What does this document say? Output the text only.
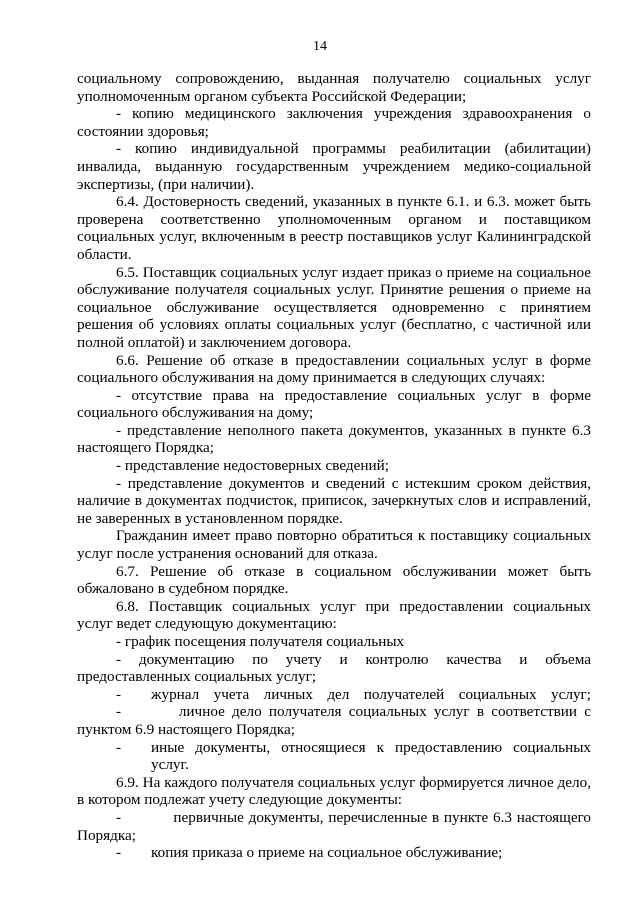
14

социальному сопровождению, выданная получателю социальных услуг уполномоченным органом субъекта Российской Федерации;

- копию медицинского заключения учреждения здравоохранения о состоянии здоровья;

- копию индивидуальной программы реабилитации (абилитации) инвалида, выданную государственным учреждением медико-социальной экспертизы, (при наличии).

6.4. Достоверность сведений, указанных в пункте 6.1. и 6.3. может быть проверена соответственно уполномоченным органом и поставщиком социальных услуг, включенным в реестр поставщиков услуг Калининградской области.

6.5. Поставщик социальных услуг издает приказ о приеме на социальное обслуживание получателя социальных услуг. Принятие решения о приеме на социальное обслуживание осуществляется одновременно с принятием решения об условиях оплаты социальных услуг (бесплатно, с частичной или полной оплатой) и заключением договора.

6.6. Решение об отказе в предоставлении социальных услуг в форме социального обслуживания на дому принимается в следующих случаях:

- отсутствие права на предоставление социальных услуг в форме социального обслуживания на дому;

- представление неполного пакета документов, указанных в пункте 6.3 настоящего Порядка;

- представление недостоверных сведений;

- представление документов и сведений с истекшим сроком действия, наличие в документах подчисток, приписок, зачеркнутых слов и исправлений, не заверенных в установленном порядке.

Гражданин имеет право повторно обратиться к поставщику социальных услуг после устранения оснований для отказа.

6.7. Решение об отказе в социальном обслуживании может быть обжаловано в судебном порядке.

6.8. Поставщик социальных услуг при предоставлении социальных услуг ведет следующую документацию:

- график посещения получателя социальных

- документацию по учету и контролю качества и объема предоставленных социальных услуг;

-	журнал учета личных дел получателей социальных услуг;

-	личное дело получателя социальных услуг в соответствии с пунктом 6.9 настоящего Порядка;

-	иные документы, относящиеся к предоставлению социальных услуг.

6.9. На каждого получателя социальных услуг формируется личное дело, в котором подлежат учету следующие документы:

-	первичные документы, перечисленные в пункте 6.3 настоящего Порядка;

-	копия приказа о приеме на социальное обслуживание;
